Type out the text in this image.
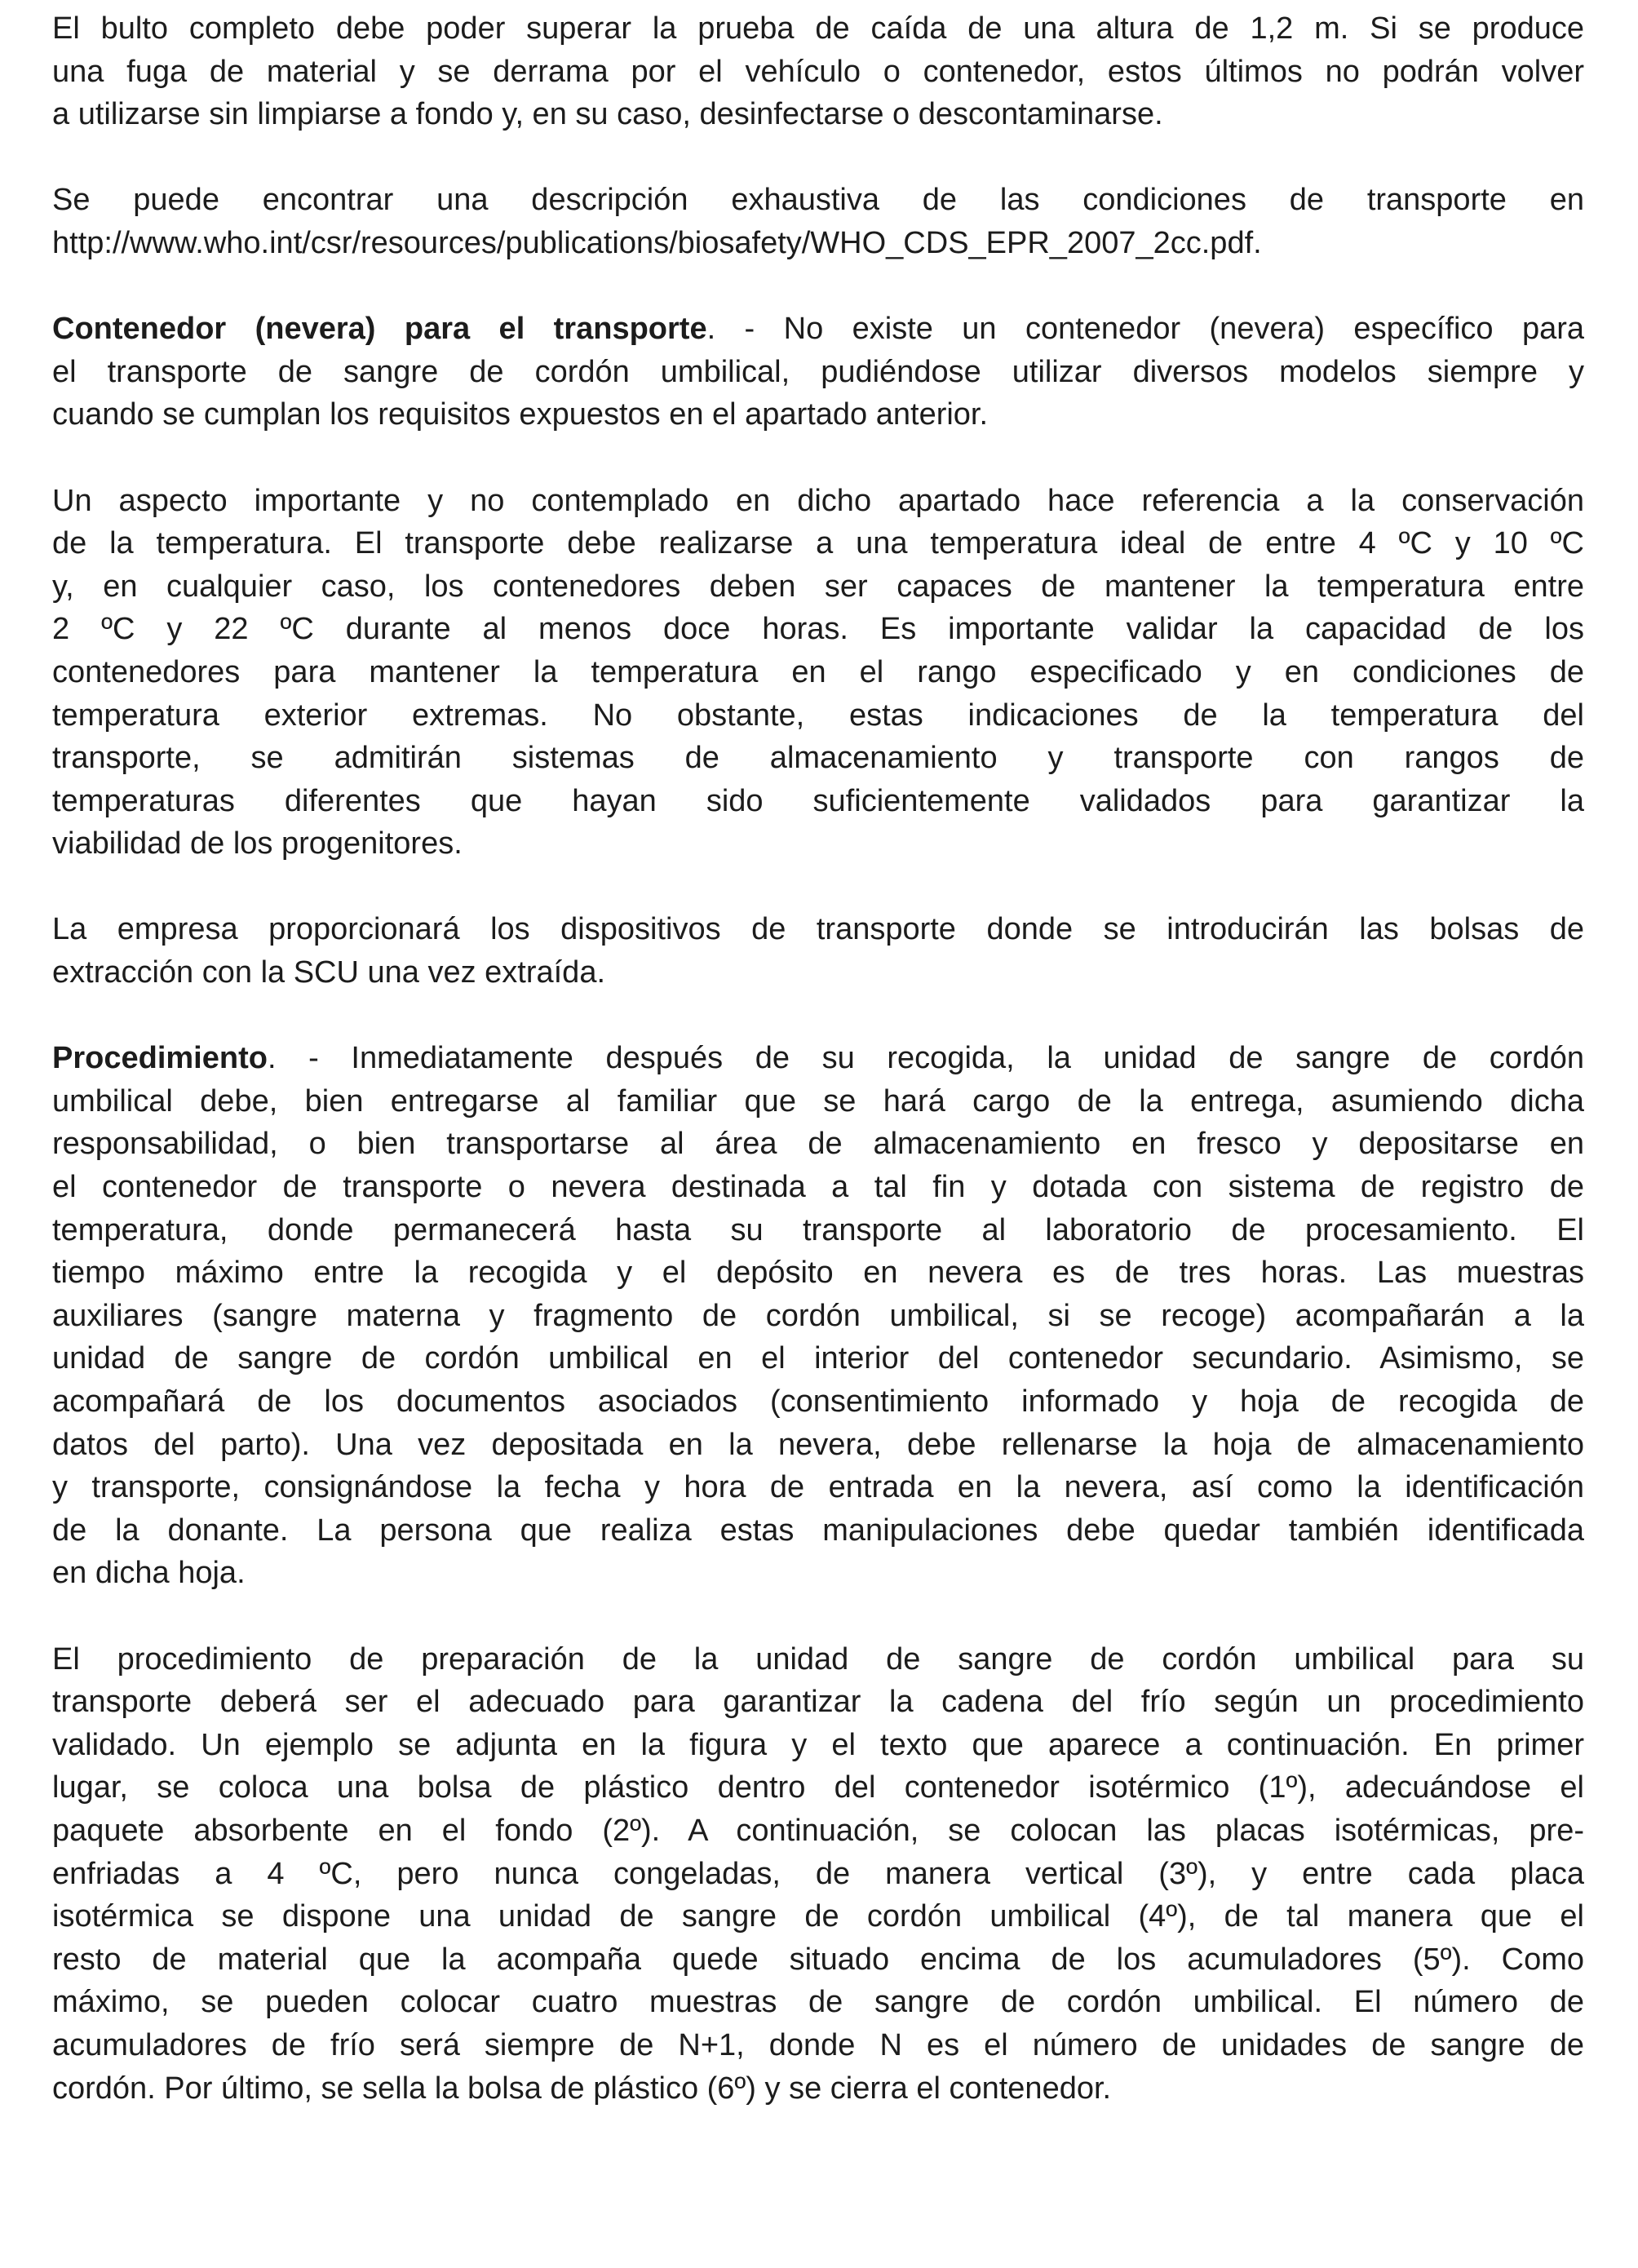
El bulto completo debe poder superar la prueba de caída de una altura de 1,2 m. Si se produce
una fuga de material y se derrama por el vehículo o contenedor, estos últimos no podrán volver
a utilizarse sin limpiarse a fondo y, en su caso, desinfectarse o descontaminarse.
Se puede encontrar una descripción exhaustiva de las condiciones de transporte en
http://www.who.int/csr/resources/publications/biosafety/WHO_CDS_EPR_2007_2cc.pdf.
Contenedor (nevera) para el transporte. - No existe un contenedor (nevera) específico para
el transporte de sangre de cordón umbilical, pudiéndose utilizar diversos modelos siempre y
cuando se cumplan los requisitos expuestos en el apartado anterior.
Un aspecto importante y no contemplado en dicho apartado hace referencia a la conservación
de la temperatura. El transporte debe realizarse a una temperatura ideal de entre 4 ºC y 10 ºC
y, en cualquier caso, los contenedores deben ser capaces de mantener la temperatura entre
2 ºC y 22 ºC durante al menos doce horas. Es importante validar la capacidad de los
contenedores para mantener la temperatura en el rango especificado y en condiciones de
temperatura exterior extremas. No obstante, estas indicaciones de la temperatura del
transporte, se admitirán sistemas de almacenamiento y transporte con rangos de
temperaturas diferentes que hayan sido suficientemente validados para garantizar la
viabilidad de los progenitores.
La empresa proporcionará los dispositivos de transporte donde se introducirán las bolsas de
extracción con la SCU una vez extraída.
Procedimiento. - Inmediatamente después de su recogida, la unidad de sangre de cordón
umbilical debe, bien entregarse al familiar que se hará cargo de la entrega, asumiendo dicha
responsabilidad, o bien transportarse al área de almacenamiento en fresco y depositarse en
el contenedor de transporte o nevera destinada a tal fin y dotada con sistema de registro de
temperatura, donde permanecerá hasta su transporte al laboratorio de procesamiento. El
tiempo máximo entre la recogida y el depósito en nevera es de tres horas. Las muestras
auxiliares (sangre materna y fragmento de cordón umbilical, si se recoge) acompañarán a la
unidad de sangre de cordón umbilical en el interior del contenedor secundario. Asimismo, se
acompañará de los documentos asociados (consentimiento informado y hoja de recogida de
datos del parto). Una vez depositada en la nevera, debe rellenarse la hoja de almacenamiento
y transporte, consignándose la fecha y hora de entrada en la nevera, así como la identificación
de la donante. La persona que realiza estas manipulaciones debe quedar también identificada
en dicha hoja.
El procedimiento de preparación de la unidad de sangre de cordón umbilical para su
transporte deberá ser el adecuado para garantizar la cadena del frío según un procedimiento
validado. Un ejemplo se adjunta en la figura y el texto que aparece a continuación. En primer
lugar, se coloca una bolsa de plástico dentro del contenedor isotérmico (1º), adecuándose el
paquete absorbente en el fondo (2º). A continuación, se colocan las placas isotérmicas, pre-
enfriadas a 4 ºC, pero nunca congeladas, de manera vertical (3º), y entre cada placa
isotérmica se dispone una unidad de sangre de cordón umbilical (4º), de tal manera que el
resto de material que la acompaña quede situado encima de los acumuladores (5º). Como
máximo, se pueden colocar cuatro muestras de sangre de cordón umbilical. El número de
acumuladores de frío será siempre de N+1, donde N es el número de unidades de sangre de
cordón. Por último, se sella la bolsa de plástico (6º) y se cierra el contenedor.
